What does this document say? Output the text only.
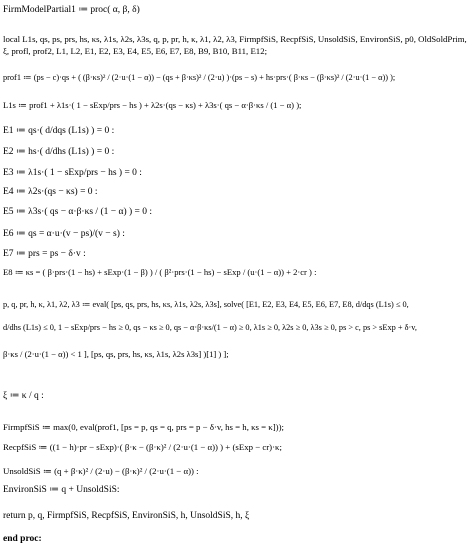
FirmModelPartial1 ≔ proc( α, β, δ)
local L1s, qs, ps, prs, hs, κs, λ1s, λ2s, λ3s, q, p, pr, h, κ, λ1, λ2, λ3, FirmpfSiS, RecpfSiS, UnsoldSiS, EnvironSiS, p0, OldSoldPrim,
ξ, profl, prof2, L1, L2, E1, E2, E3, E4, E5, E6, E7, E8, B9, B10, B11, E12;
prof1 ≔ (ps − c)·qs + ( (β·κs)² / (2·u·(1 − α)) − (qs + β·κs)² / (2·u) )·(ps − s) + hs·prs·( β·κs − (β·κs)² / (2·u·(1 − α)) );
L1s ≔ prof1 + λ1s·( 1 − sExp/prs − hs ) + λ2s·(qs − κs) + λ3s·( qs − α·β·κs / (1 − α) );
E1 ≔ qs·( d/dqs (L1s) ) = 0 :
E2 ≔ hs·( d/dhs (L1s) ) = 0 :
E3 ≔ λ1s·( 1 − sExp/prs − hs ) = 0 :
E4 ≔ λ2s·(qs − κs) = 0 :
E5 ≔ λ3s·( qs − α·β·κs / (1 − α) ) = 0 :
E6 ≔ qs = α·u·(v − ps)/(v − s) :
E7 ≔ prs = ps − δ·v :
E8 ≔ κs = ( β·prs·(1 − hs) + sExp·(1 − β) ) / ( β²·prs·(1 − hs) − sExp / (u·(1 − α)) + 2·cr ) :
p, q, pr, h, κ, λ1, λ2, λ3 ≔ eval( [ps, qs, prs, hs, κs, λ1s, λ2s, λ3s], solve( [E1, E2, E3, E4, E5, E6, E7, E8, d/dqs (L1s) ≤ 0,
d/dhs (L1s) ≤ 0, 1 − sExp/prs − hs ≥ 0, qs − κs ≥ 0, qs − α·β·κs/(1 − α) ≥ 0, λ1s ≥ 0, λ2s ≥ 0, λ3s ≥ 0, ps > c, ps > sExp + δ·v,
β·κs / (2·u·(1 − α)) < 1 ], [ps, qs, prs, hs, κs, λ1s, λ2s λ3s] )[1] ) ];
ξ ≔ κ / q :
FirmpfSiS ≔ max(0, eval(prof1, [ps = p, qs = q, prs = p − δ·v, hs = h, κs = κ]));
RecpfSiS ≔ ((1 − h)·pr − sExp)·( β·κ − (β·κ)² / (2·u·(1 − α)) ) + (sExp − cr)·κ;
UnsoldSiS ≔ (q + β·κ)² / (2·u) − (β·κ)² / (2·u·(1 − α)) :
EnvironSiS ≔ q + UnsoldSiS:
return p, q, FirmpfSiS, RecpfSiS, EnvironSiS, h, UnsoldSiS, h, ξ
end proc:
